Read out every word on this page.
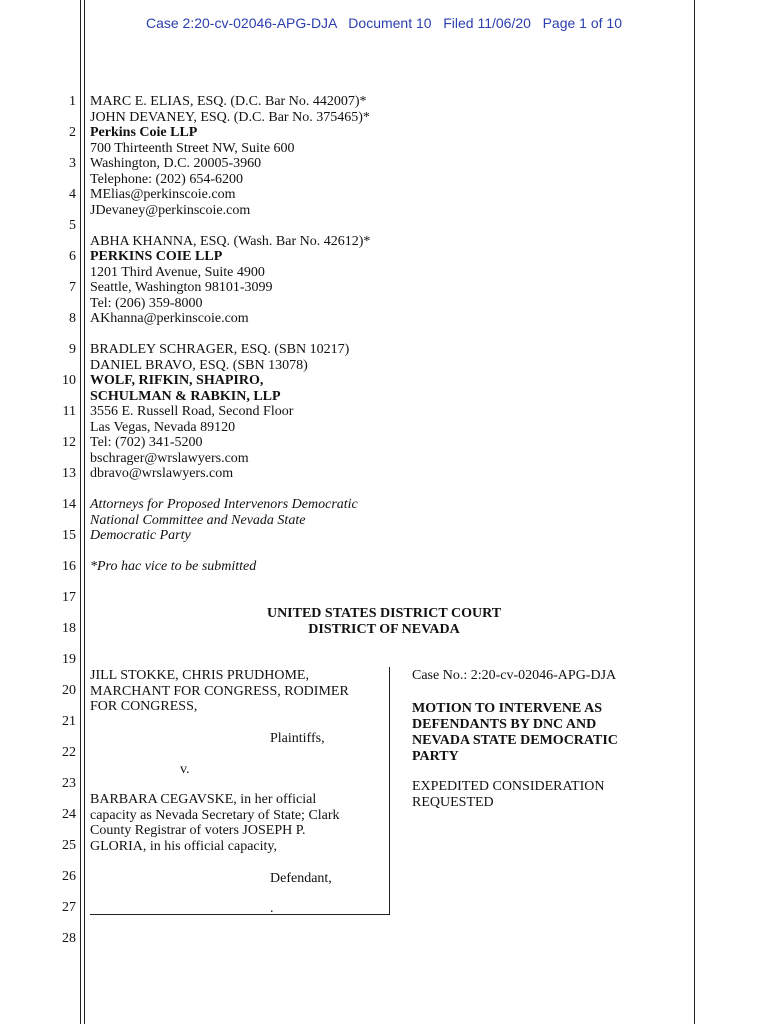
Case 2:20-cv-02046-APG-DJA   Document 10   Filed 11/06/20   Page 1 of 10
1
2
3
4
5
6
7
8
9
10
11
12
13
14
15
16
17
18
19
20
21
22
23
24
25
26
27
28
MARC E. ELIAS, ESQ. (D.C. Bar No. 442007)*
JOHN DEVANEY, ESQ. (D.C. Bar No. 375465)*
Perkins Coie LLP
700 Thirteenth Street NW, Suite 600
Washington, D.C. 20005-3960
Telephone: (202) 654-6200
MElias@perkinscoie.com
JDevaney@perkinscoie.com
ABHA KHANNA, ESQ. (Wash. Bar No. 42612)*
PERKINS COIE LLP
1201 Third Avenue, Suite 4900
Seattle, Washington 98101-3099
Tel: (206) 359-8000
AKhanna@perkinscoie.com
BRADLEY SCHRAGER, ESQ. (SBN 10217)
DANIEL BRAVO, ESQ. (SBN 13078)
WOLF, RIFKIN, SHAPIRO,
SCHULMAN & RABKIN, LLP
3556 E. Russell Road, Second Floor
Las Vegas, Nevada 89120
Tel: (702) 341-5200
bschrager@wrslawyers.com
dbravo@wrslawyers.com
Attorneys for Proposed Intervenors Democratic
National Committee and Nevada State
Democratic Party
*Pro hac vice to be submitted
UNITED STATES DISTRICT COURT
DISTRICT OF NEVADA
JILL STOKKE, CHRIS PRUDHOME,
MARCHANT FOR CONGRESS, RODIMER
FOR CONGRESS,
Plaintiffs,
v.
BARBARA CEGAVSKE, in her official
capacity as Nevada Secretary of State; Clark
County Registrar of voters JOSEPH P.
GLORIA, in his official capacity,
Defendant,
.
Case No.: 2:20-cv-02046-APG-DJA
MOTION TO INTERVENE AS
DEFENDANTS BY DNC AND
NEVADA STATE DEMOCRATIC
PARTY
EXPEDITED CONSIDERATION
REQUESTED
